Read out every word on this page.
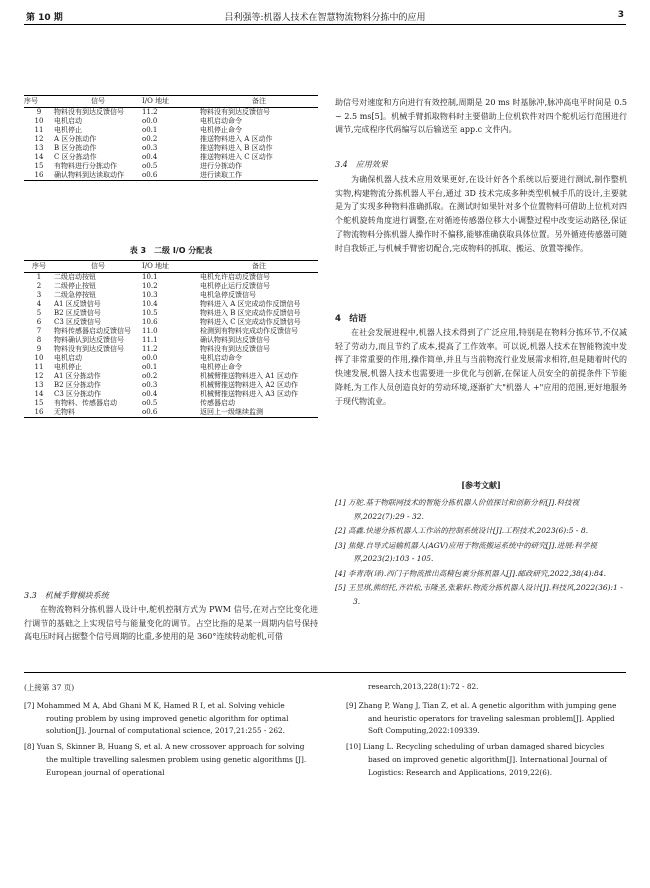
第 10 期	吕利强等:机器人技术在智慧物流物料分拣中的应用	3
序号	信号	I/O 地址	备注
9	物料没有到达反馈信号	11.2	物料没有到达反馈信号
10	电机启动	o0.0	电机启动命令
11	电机停止	o0.1	电机停止命令
12	A 区分拣动作	o0.2	推送物料进入 A 区动作
13	B 区分拣动作	o0.3	推送物料进入 B 区动作
14	C 区分拣动作	o0.4	推送物料进入 C 区动作
15	有物料进行分拣动作	o0.5	进行分拣动作
16	确认物料到达读取动作	o0.6	进行读取工作
表 3　二级 I/O 分配表
序号	信号	I/O 地址	备注
1	二级启动按钮	10.1	电机允许启动反馈信号
2	二级停止按钮	10.2	电机停止运行反馈信号
3	二级急停按钮	10.3	电机急停反馈信号
4	A1 区反馈信号	10.4	物料进入 A 区完成动作反馈信号
5	B2 区反馈信号	10.5	物料进入 B 区完成动作反馈信号
6	C3 区反馈信号	10.6	物料进入 C 区完成动作反馈信号
7	物料传感器启动反馈信号	11.0	检测到有物料完成动作反馈信号
8	物料确认到达反馈信号	11.1	确认物料到达反馈信号
9	物料没有到达反馈信号	11.2	物料没有到达反馈信号
10	电机启动	o0.0	电机启动命令
11	电机停止	o0.1	电机停止命令
12	A1 区分拣动作	o0.2	机械臂推送物料进入 A1 区动作
13	B2 区分拣动作	o0.3	机械臂推送物料进入 A2 区动作
14	C3 区分拣动作	o0.4	机械臂推送物料进入 A3 区动作
15	有物料、传感器启动	o0.5	传感器启动
16	无物料	o0.6	返回上一级继续监测

3.3　机械手臂模块系统

在物流物料分拣机器人设计中,舵机控制方式为 PWM 信号,在对占空比变化进行调节的基础之上实现信号与能量变化的调节。占空比指的是某一周期内信号保持高电压时间占据整个信号周期的比重,多使用的是 360°连续转动舵机,可借

助信号对速度和方向进行有效控制,周期是 20 ms 时基脉冲,脉冲高电平时间是 0.5 ~ 2.5 ms[5]。机械手臂抓取物料时主要借助上位机软件对四个舵机运行范围进行调节,完成程序代码编写以后输送至 app.c 文件内。

3.4　应用效果

为确保机器人技术应用效果更好,在设计好各个系统以后要进行测试,制作整机实物,构建物流分拣机器人平台,通过 3D 技术完成多种类型机械手爪的设计,主要就是为了实现多种物料准确抓取。在测试时如果针对多个位置物料可借助上位机对四个舵机旋转角度进行调整,在对循迹传感器位移大小调整过程中改变运动路径,保证了物流物料分拣机器人操作时不偏移,能够准确获取具体位置。另外循迹传感器可随时自我矫正,与机械手臂密切配合,完成物料的抓取、搬运、放置等操作。

4　结语

在社会发展进程中,机器人技术得到了广泛应用,特别是在物料分拣环节,不仅减轻了劳动力,而且节约了成本,提高了工作效率。可以说,机器人技术在智能物流中发挥了非常重要的作用,操作简单,并且与当前物流行业发展需求相符,但是随着时代的快速发展,机器人技术也需要进一步优化与创新,在保证人员安全的前提条件下节能降耗,为工作人员创造良好的劳动环境,逐渐扩大"机器人 +"应用的范围,更好地服务于现代物流业。

[参考文献]
[1] 万舵.基于物联网技术的智能分拣机器人价值探讨和创新分析[J].科技视界,2022(7):29 - 32.
[2] 高鑫.快递分拣机器人工作站的控制系统设计[J].工程技术,2023(6):5 - 8.
[3] 焦健.自导式运输机器人(AGV)应用于物流搬运系统中的研究[J].进展:科学视界,2023(2):103 - 105.
[4] 李青涛(译).西门子物流推出高精包裹分拣机器人[J].邮政研究,2022,38(4):84.
[5] 王昱琪,熊绍托,齐岩松,韦隆圣,张紫轩.物流分拣机器人设计[J].科技风,2022(36):1 - 3.
(上接第 37 页)
[7] Mohammed M A, Abd Ghani M K, Hamed R I, et al. Solving vehicle routing problem by using improved genetic algorithm for optimal solution[J]. Journal of computational science, 2017,21:255 - 262.
[8] Yuan S, Skinner B, Huang S, et al. A new crossover approach for solving the multiple travelling salesmen problem using genetic algorithms [J]. European journal of operational
research,2013,228(1):72 - 82.
[9] Zhang P, Wang J, Tian Z, et al. A genetic algorithm with jumping gene and heuristic operators for traveling salesman problem[J]. Applied Soft Computing,2022:109339.
[10] Liang L. Recycling scheduling of urban damaged shared bicycles based on improved genetic algorithm[J]. International Journal of Logistics: Research and Applications, 2019,22(6).
